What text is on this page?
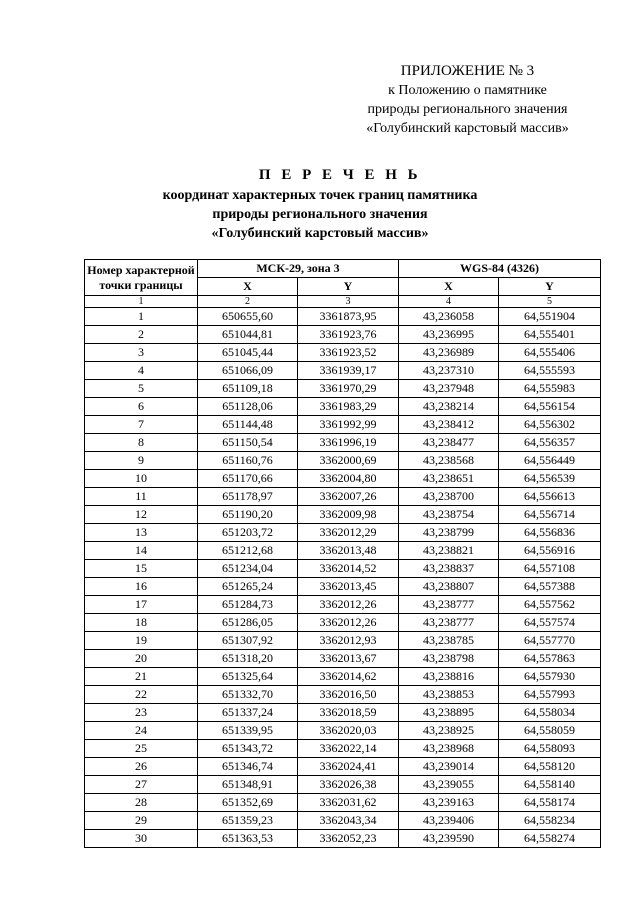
ПРИЛОЖЕНИЕ № 3
к Положению о памятнике
природы регионального значения
«Голубинский карстовый массив»
П Е Р Е Ч Е Н Ь
координат характерных точек границ памятника
природы регионального значения
«Голубинский карстовый массив»
Номер характерной точки границы	МСК-29, зона 3		WGS-84 (4326)	
	X	Y	X	Y
1	2	3	4	5
1	650655,60	3361873,95	43,236058	64,551904
2	651044,81	3361923,76	43,236995	64,555401
3	651045,44	3361923,52	43,236989	64,555406
4	651066,09	3361939,17	43,237310	64,555593
5	651109,18	3361970,29	43,237948	64,555983
6	651128,06	3361983,29	43,238214	64,556154
7	651144,48	3361992,99	43,238412	64,556302
8	651150,54	3361996,19	43,238477	64,556357
9	651160,76	3362000,69	43,238568	64,556449
10	651170,66	3362004,80	43,238651	64,556539
11	651178,97	3362007,26	43,238700	64,556613
12	651190,20	3362009,98	43,238754	64,556714
13	651203,72	3362012,29	43,238799	64,556836
14	651212,68	3362013,48	43,238821	64,556916
15	651234,04	3362014,52	43,238837	64,557108
16	651265,24	3362013,45	43,238807	64,557388
17	651284,73	3362012,26	43,238777	64,557562
18	651286,05	3362012,26	43,238777	64,557574
19	651307,92	3362012,93	43,238785	64,557770
20	651318,20	3362013,67	43,238798	64,557863
21	651325,64	3362014,62	43,238816	64,557930
22	651332,70	3362016,50	43,238853	64,557993
23	651337,24	3362018,59	43,238895	64,558034
24	651339,95	3362020,03	43,238925	64,558059
25	651343,72	3362022,14	43,238968	64,558093
26	651346,74	3362024,41	43,239014	64,558120
27	651348,91	3362026,38	43,239055	64,558140
28	651352,69	3362031,62	43,239163	64,558174
29	651359,23	3362043,34	43,239406	64,558234
30	651363,53	3362052,23	43,239590	64,558274
